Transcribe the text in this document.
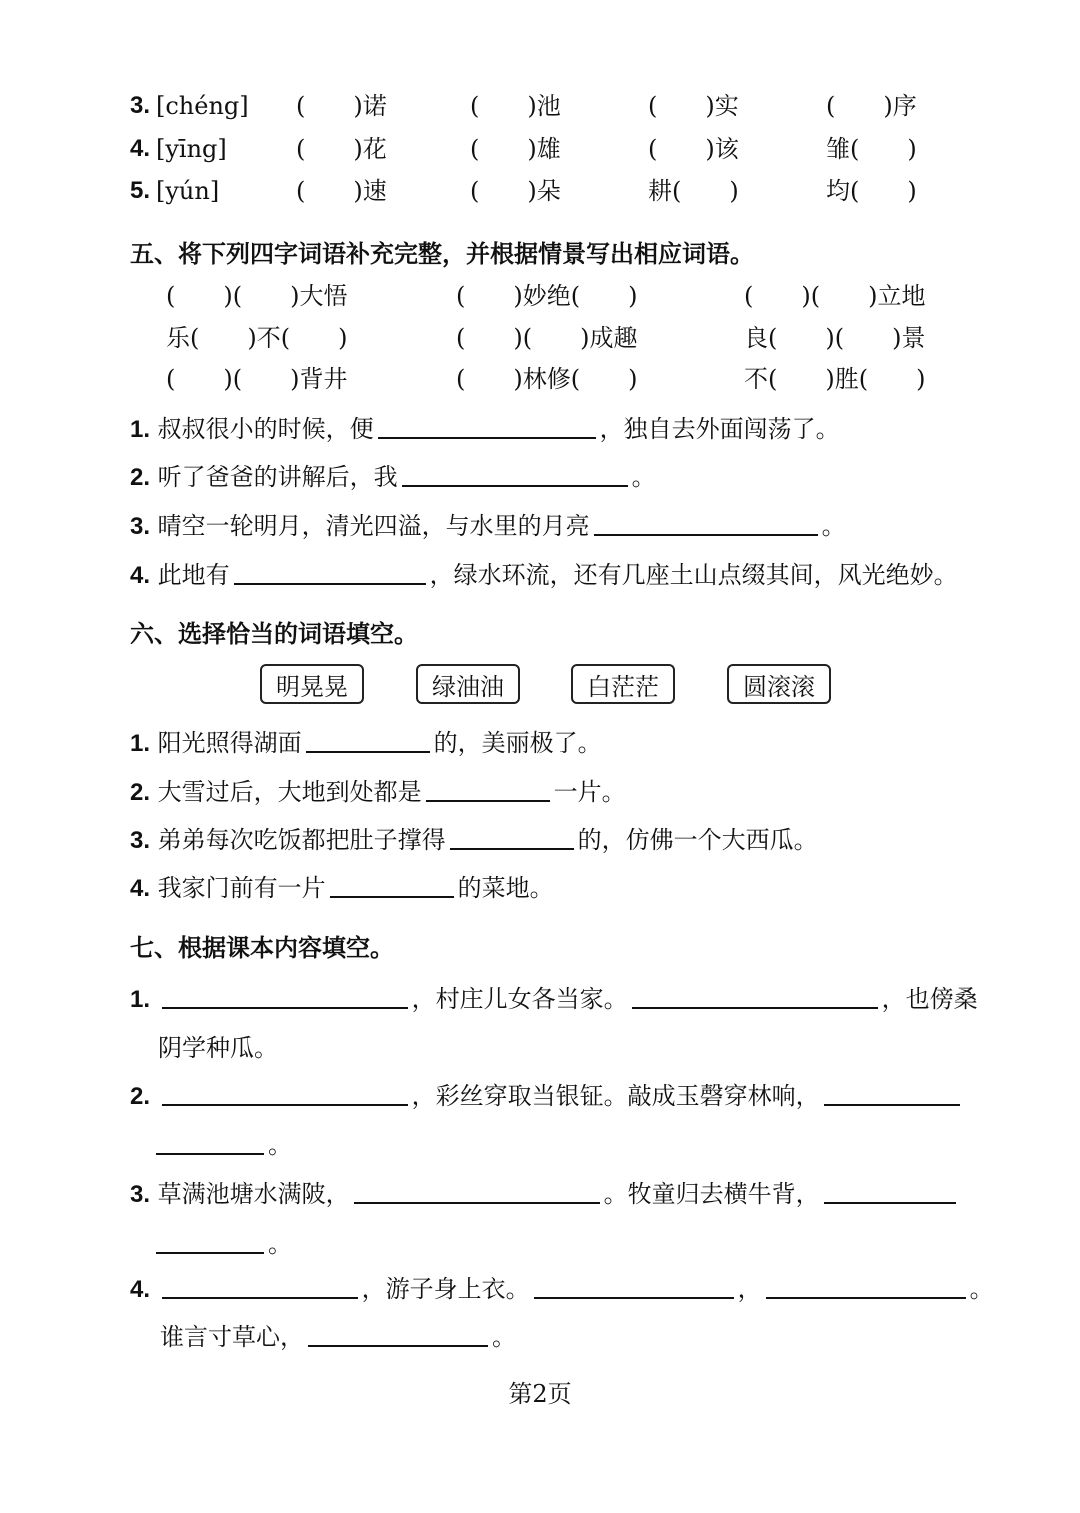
3. [chéng] (　　)诺	(　　)池	(　　)实	(　　)序
4. [yīng]	(　　)花	(　　)雄	(　　)该	雏(　　)
5. [yún]	(　　)速	(　　)朵	耕(　　)	均(　　)
五、将下列四字词语补充完整，并根据情景写出相应词语。
(　　)(　　)大悟	(　　)妙绝(　　)	(　　)(　　)立地
乐(　　)不(　　)	(　　)(　　)成趣	良(　　)(　　)景
(　　)(　　)背井	(　　)林修(　　)	不(　　)胜(　　)
1. 叔叔很小的时候，便	，独自去外面闯荡了。
2. 听了爸爸的讲解后，我	。
3. 晴空一轮明月，清光四溢，与水里的月亮	。
4. 此地有	，绿水环流，还有几座土山点缀其间，风光绝妙。
六、选择恰当的词语填空。
明晃晃	绿油油	白茫茫	圆滚滚
1. 阳光照得湖面	的，美丽极了。
2. 大雪过后，大地到处都是	一片。
3. 弟弟每次吃饭都把肚子撑得	的，仿佛一个大西瓜。
4. 我家门前有一片	的菜地。
七、根据课本内容填空。
1.	，村庄儿女各当家。	，也傍桑
阴学种瓜。
2.	，彩丝穿取当银钲。敲成玉磬穿林响，
。
3. 草满池塘水满陂，	。牧童归去横牛背，
。
4.	，游子身上衣。	，	。
谁言寸草心，	。
第2页
